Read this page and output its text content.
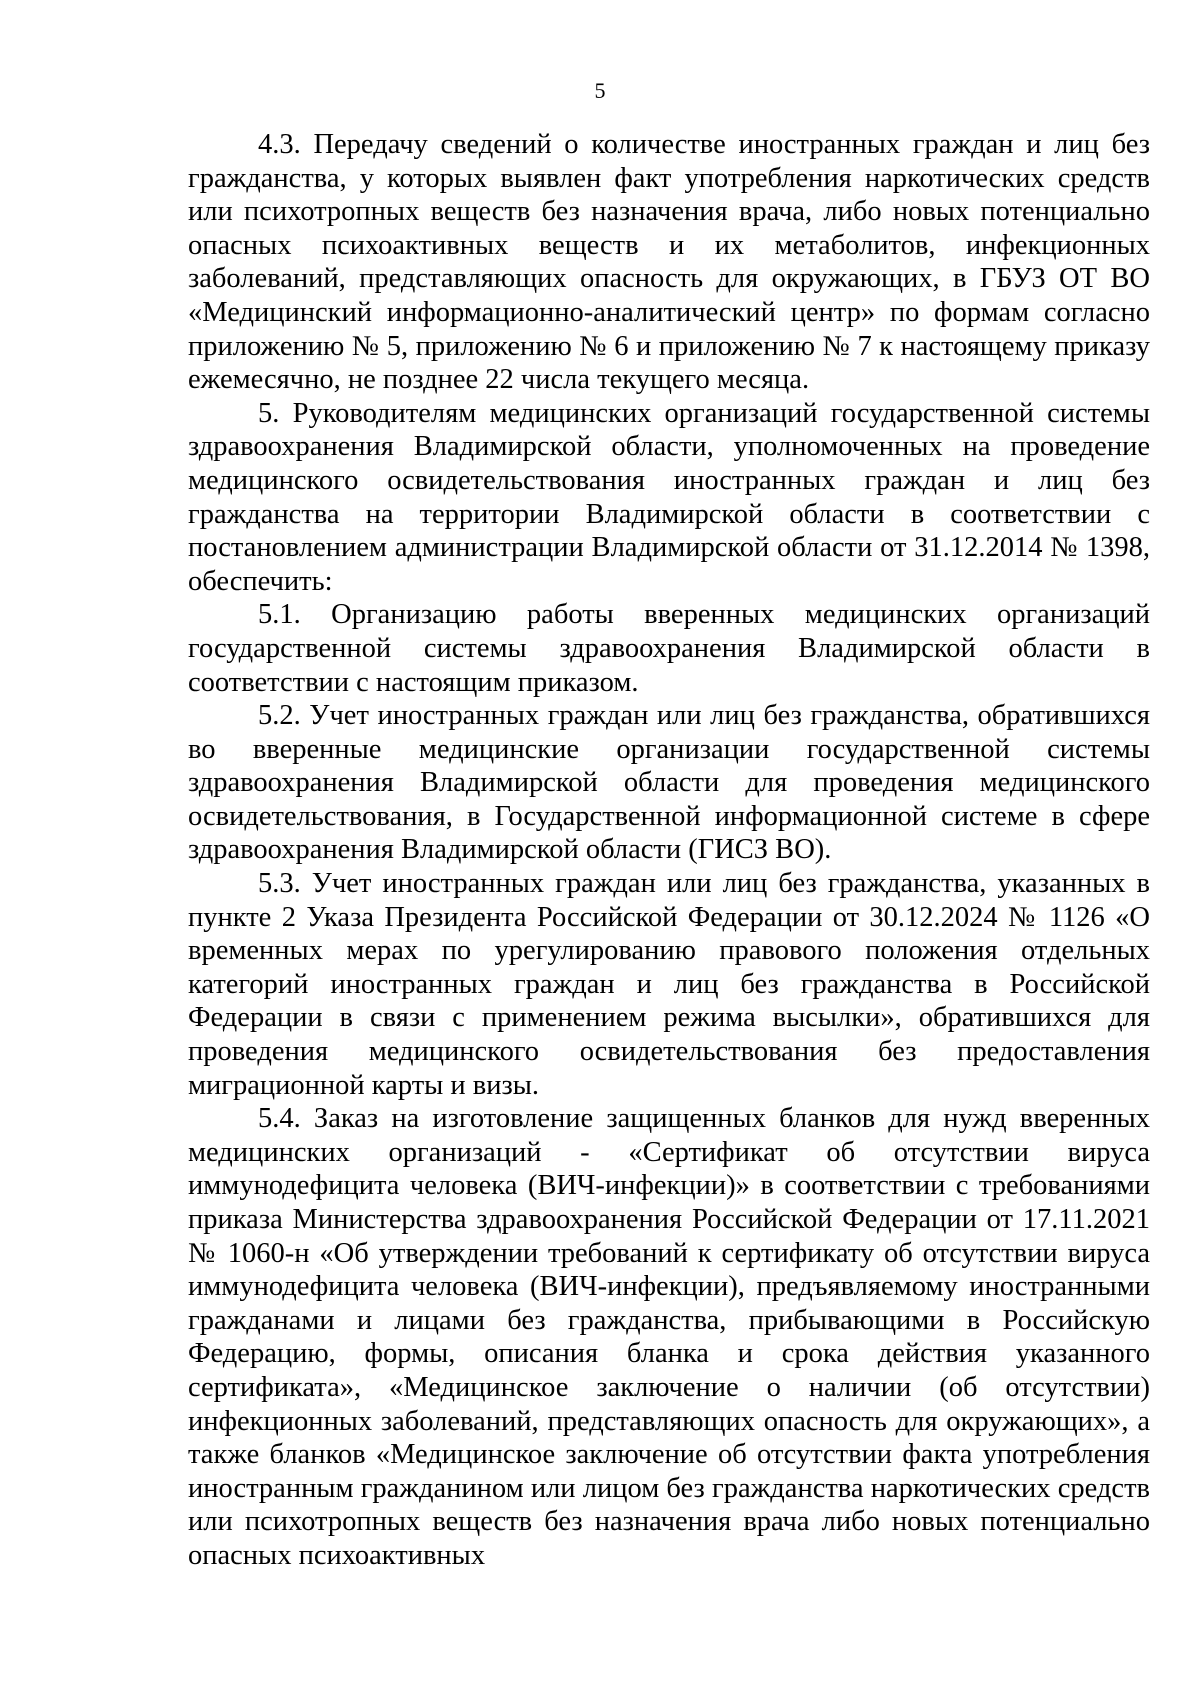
5

4.3. Передачу сведений о количестве иностранных граждан и лиц без гражданства, у которых выявлен факт употребления наркотических средств или психотропных веществ без назначения врача, либо новых потенциально опасных психоактивных веществ и их метаболитов, инфекционных заболеваний, представляющих опасность для окружающих, в ГБУЗ ОТ ВО «Медицинский информационно-аналитический центр» по формам согласно приложению № 5, приложению № 6 и приложению № 7 к настоящему приказу ежемесячно, не позднее 22 числа текущего месяца.

5. Руководителям медицинских организаций государственной системы здравоохранения Владимирской области, уполномоченных на проведение медицинского освидетельствования иностранных граждан и лиц без гражданства на территории Владимирской области в соответствии с постановлением администрации Владимирской области от 31.12.2014 № 1398, обеспечить:

5.1. Организацию работы вверенных медицинских организаций государственной системы здравоохранения Владимирской области в соответствии с настоящим приказом.

5.2. Учет иностранных граждан или лиц без гражданства, обратившихся во вверенные медицинские организации государственной системы здравоохранения Владимирской области для проведения медицинского освидетельствования, в Государственной информационной системе в сфере здравоохранения Владимирской области (ГИСЗ ВО).

5.3. Учет иностранных граждан или лиц без гражданства, указанных в пункте 2 Указа Президента Российской Федерации от 30.12.2024 № 1126 «О временных мерах по урегулированию правового положения отдельных категорий иностранных граждан и лиц без гражданства в Российской Федерации в связи с применением режима высылки», обратившихся для проведения медицинского освидетельствования без предоставления миграционной карты и визы.

5.4. Заказ на изготовление защищенных бланков для нужд вверенных медицинских организаций - «Сертификат об отсутствии вируса иммунодефицита человека (ВИЧ-инфекции)» в соответствии с требованиями приказа Министерства здравоохранения Российской Федерации от 17.11.2021 № 1060-н «Об утверждении требований к сертификату об отсутствии вируса иммунодефицита человека (ВИЧ-инфекции), предъявляемому иностранными гражданами и лицами без гражданства, прибывающими в Российскую Федерацию, формы, описания бланка и срока действия указанного сертификата», «Медицинское заключение о наличии (об отсутствии) инфекционных заболеваний, представляющих опасность для окружающих», а также бланков «Медицинское заключение об отсутствии факта употребления иностранным гражданином или лицом без гражданства наркотических средств или психотропных веществ без назначения врача либо новых потенциально опасных психоактивных
